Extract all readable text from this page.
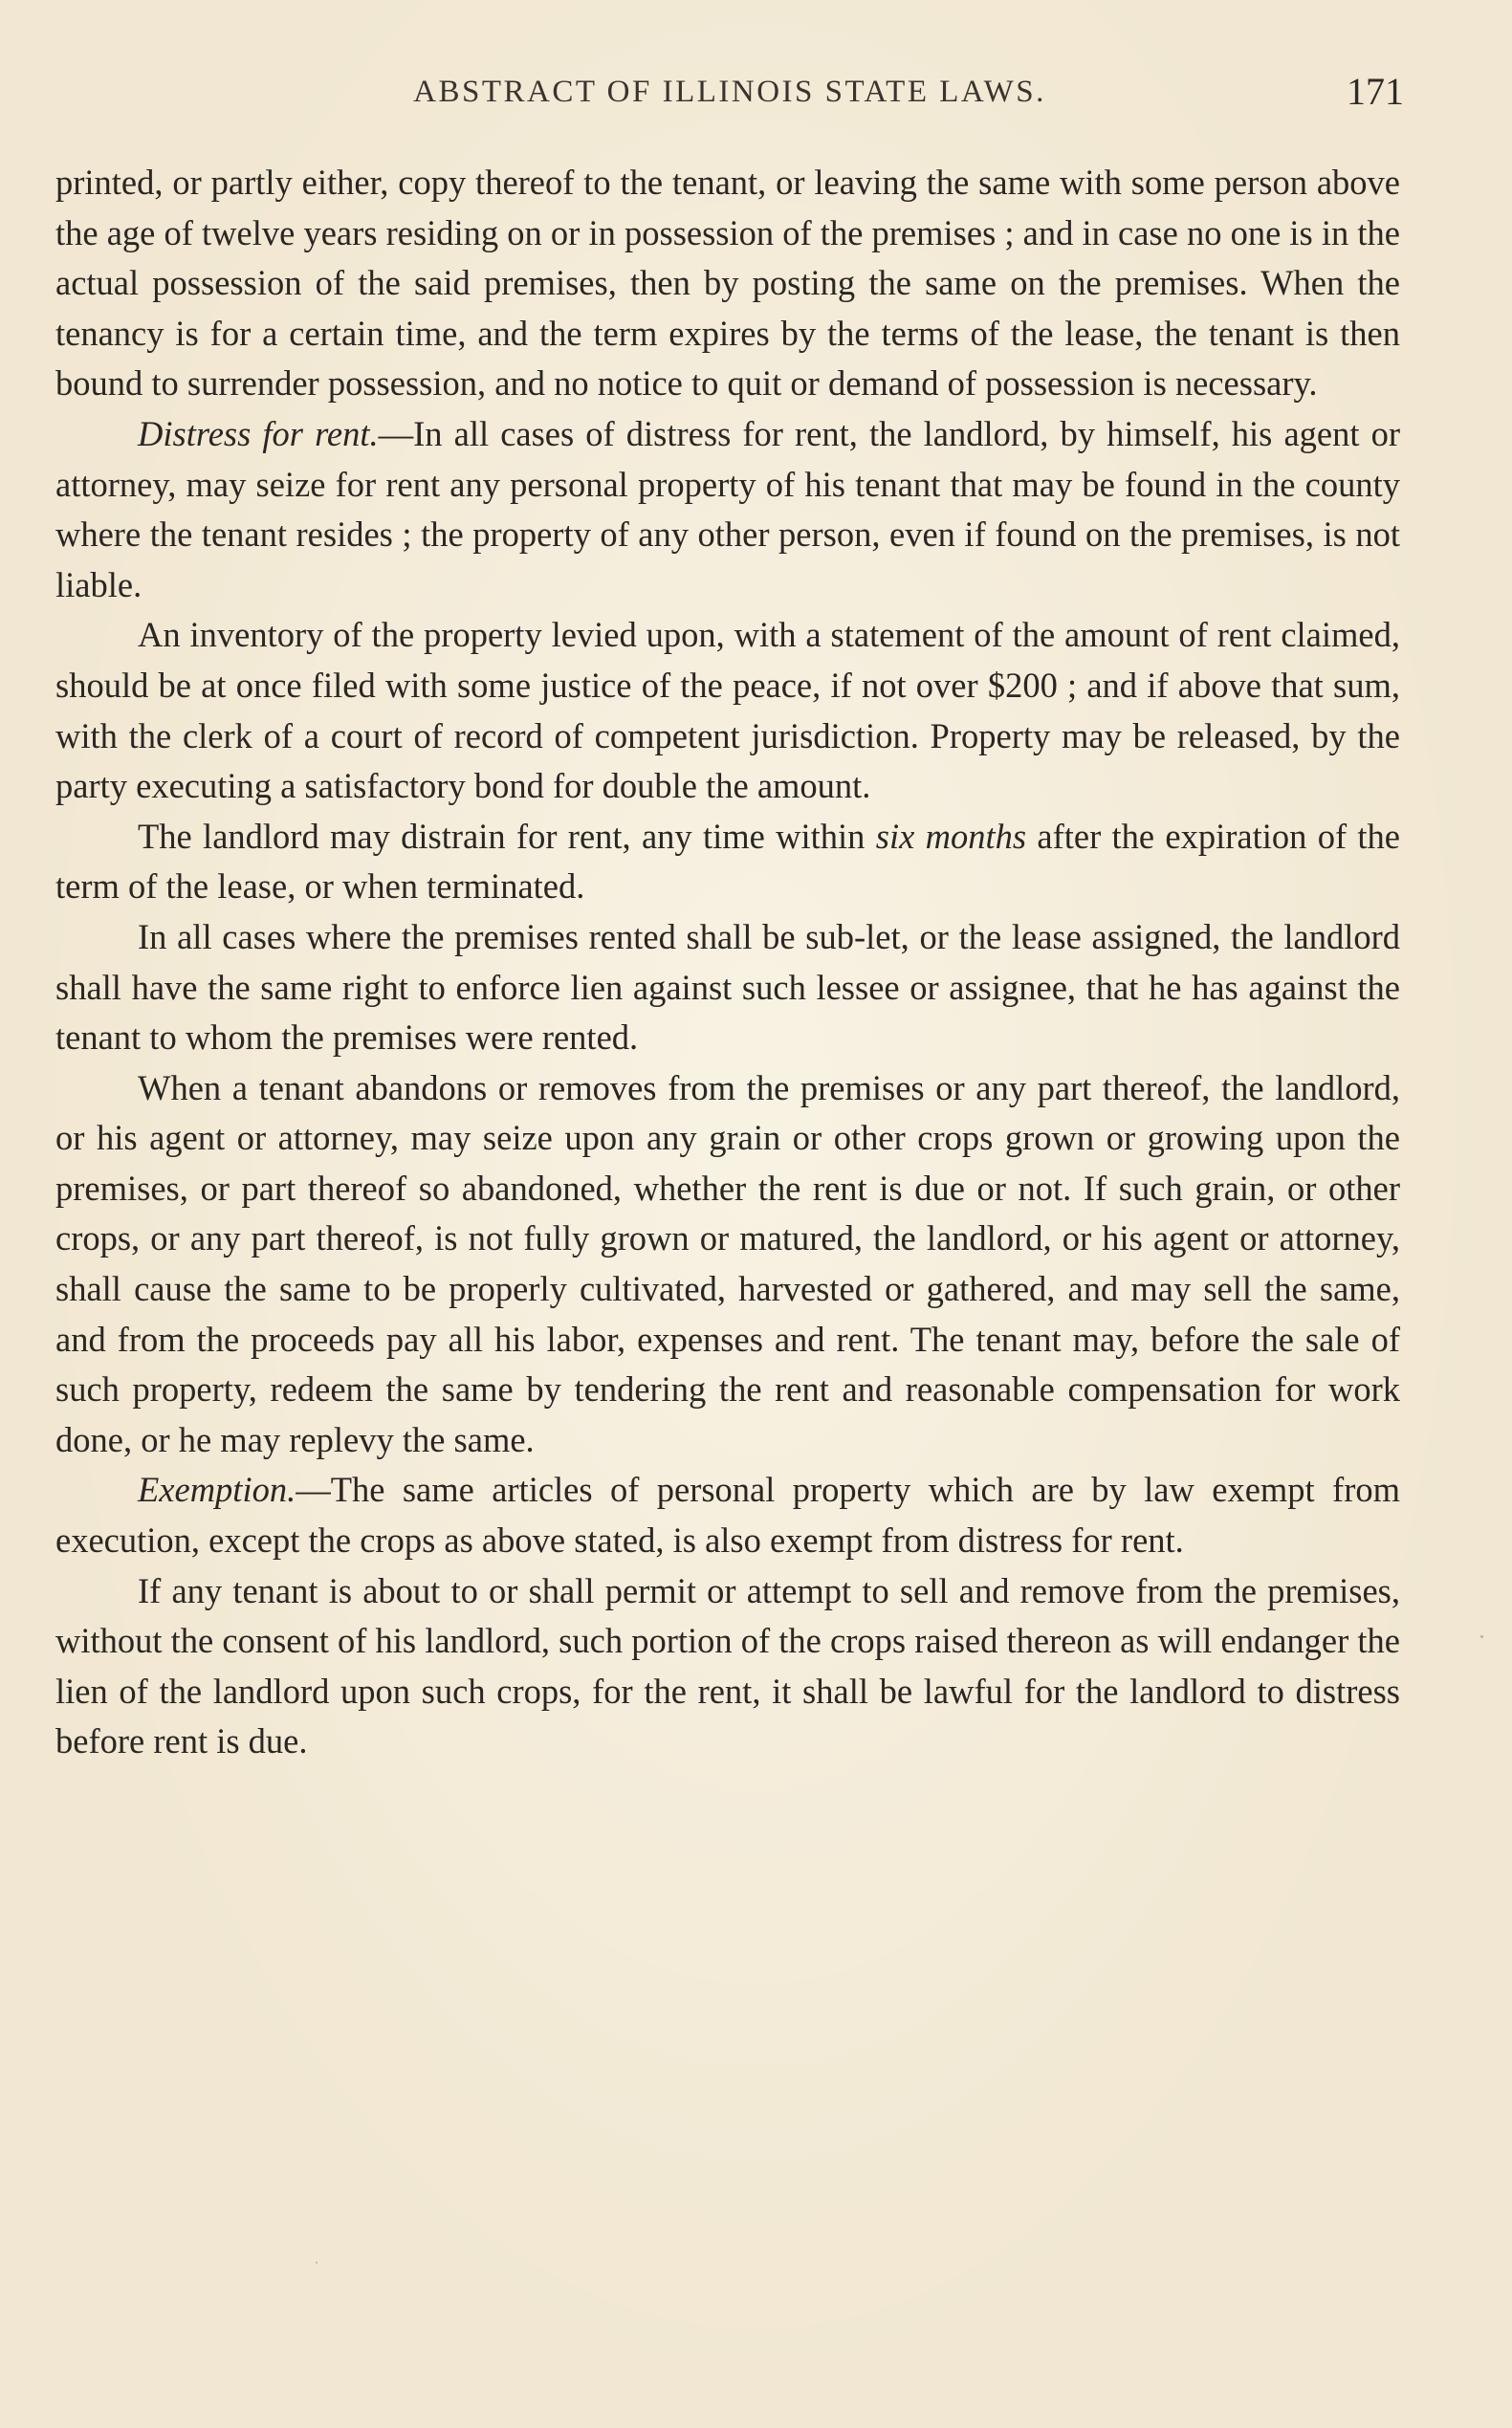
ABSTRACT OF ILLINOIS STATE LAWS.	171

printed, or partly either, copy thereof to the tenant, or leaving the same with some person above the age of twelve years residing on or in possession of the premises ; and in case no one is in the actual possession of the said premises, then by posting the same on the premises. When the tenancy is for a certain time, and the term expires by the terms of the lease, the tenant is then bound to surrender possession, and no notice to quit or demand of possession is necessary.

Distress for rent.—In all cases of distress for rent, the landlord, by himself, his agent or attorney, may seize for rent any personal property of his tenant that may be found in the county where the tenant resides ; the property of any other person, even if found on the premises, is not liable.

An inventory of the property levied upon, with a statement of the amount of rent claimed, should be at once filed with some justice of the peace, if not over $200 ; and if above that sum, with the clerk of a court of record of competent jurisdiction. Property may be released, by the party executing a satisfactory bond for double the amount.

The landlord may distrain for rent, any time within six months after the expiration of the term of the lease, or when terminated.

In all cases where the premises rented shall be sub-let, or the lease assigned, the landlord shall have the same right to enforce lien against such lessee or assignee, that he has against the tenant to whom the premises were rented.

When a tenant abandons or removes from the premises or any part thereof, the landlord, or his agent or attorney, may seize upon any grain or other crops grown or growing upon the premises, or part thereof so abandoned, whether the rent is due or not. If such grain, or other crops, or any part thereof, is not fully grown or matured, the landlord, or his agent or attorney, shall cause the same to be properly cultivated, harvested or gathered, and may sell the same, and from the proceeds pay all his labor, expenses and rent. The tenant may, before the sale of such property, redeem the same by tendering the rent and reasonable compensation for work done, or he may replevy the same.

Exemption.—The same articles of personal property which are by law exempt from execution, except the crops as above stated, is also exempt from distress for rent.

If any tenant is about to or shall permit or attempt to sell and remove from the premises, without the consent of his landlord, such portion of the crops raised thereon as will endanger the lien of the landlord upon such crops, for the rent, it shall be lawful for the landlord to distress before rent is due.
